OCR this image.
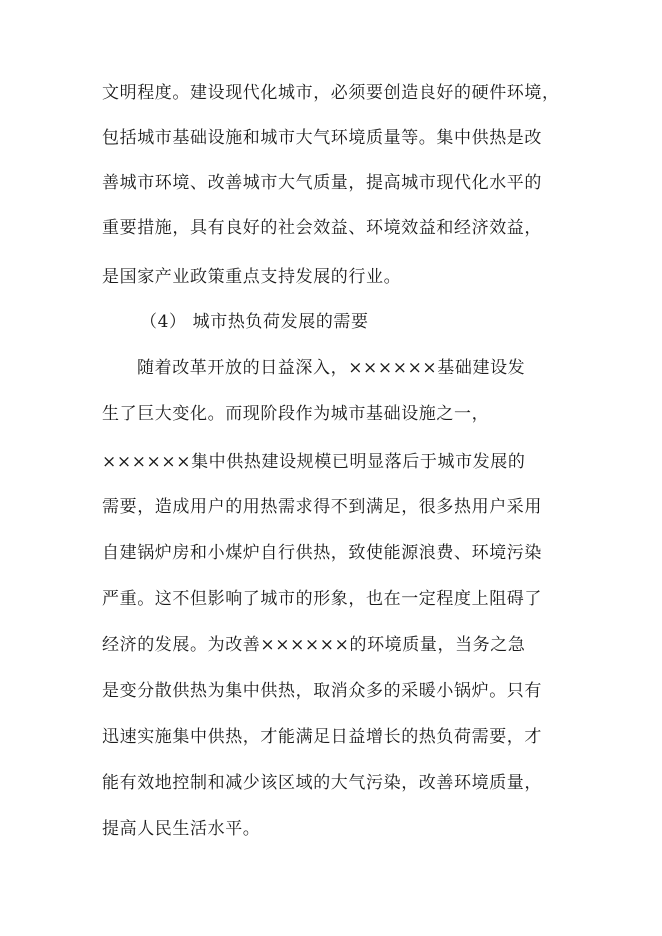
文明程度。建设现代化城市，必须要创造良好的硬件环境，
包括城市基础设施和城市大气环境质量等。集中供热是改
善城市环境、改善城市大气质量，提高城市现代化水平的
重要措施，具有良好的社会效益、环境效益和经济效益，
是国家产业政策重点支持发展的行业。
（4） 城市热负荷发展的需要
随着改革开放的日益深入，××××××基础建设发
生了巨大变化。而现阶段作为城市基础设施之一，
××××××集中供热建设规模已明显落后于城市发展的
需要，造成用户的用热需求得不到满足，很多热用户采用
自建锅炉房和小煤炉自行供热，致使能源浪费、环境污染
严重。这不但影响了城市的形象，也在一定程度上阻碍了
经济的发展。为改善××××××的环境质量，当务之急
是变分散供热为集中供热，取消众多的采暖小锅炉。只有
迅速实施集中供热，才能满足日益增长的热负荷需要，才
能有效地控制和减少该区域的大气污染，改善环境质量，
提高人民生活水平。
